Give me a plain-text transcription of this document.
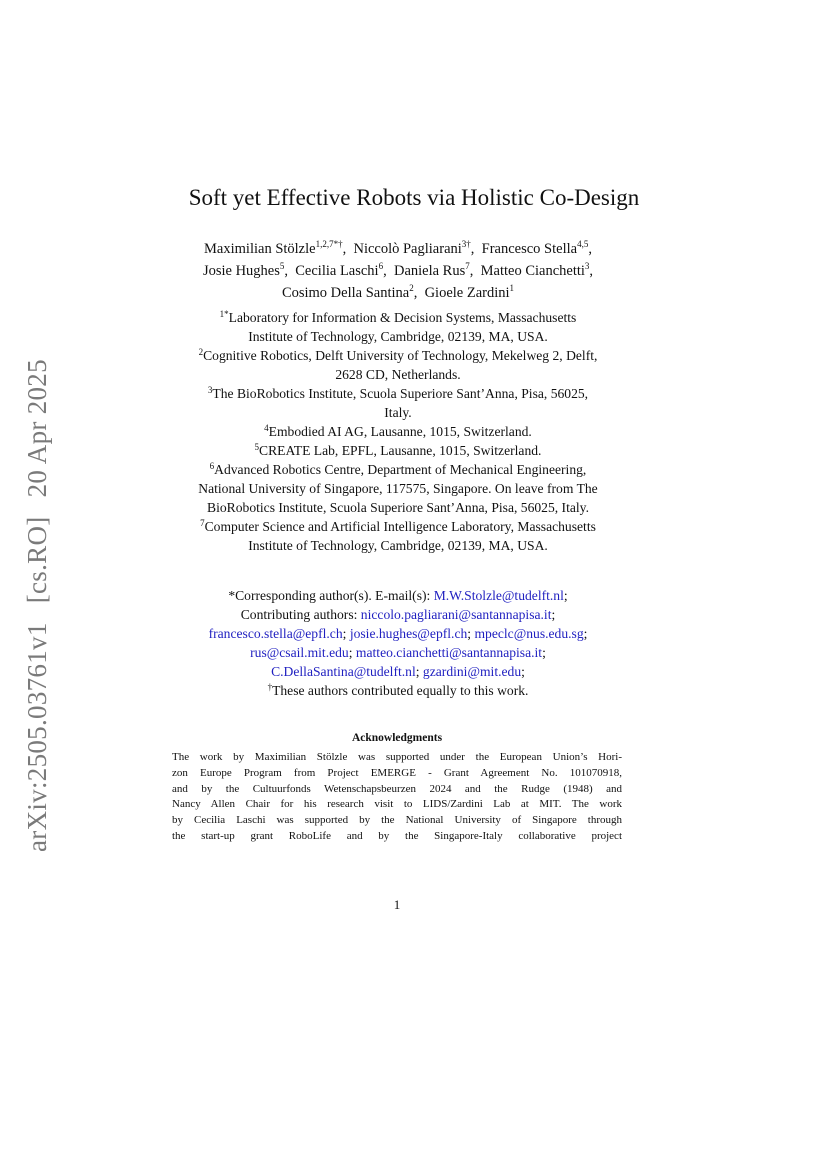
arXiv:2505.03761v1 [cs.RO] 20 Apr 2025
Soft yet Effective Robots via Holistic Co-Design
Maximilian Stölzle$^{1,2,7*\dagger}$,  Niccolò Pagliarani$^{3\dagger}$,  Francesco Stella$^{4,5}$,
Josie Hughes$^5$,  Cecilia Laschi$^6$,  Daniela Rus$^7$,  Matteo Cianchetti$^3$,
Cosimo Della Santina$^2$,  Gioele Zardini$^1$
$^{1*}$Laboratory for Information & Decision Systems, Massachusetts
Institute of Technology, Cambridge, 02139, MA, USA.
$^2$Cognitive Robotics, Delft University of Technology, Mekelweg 2, Delft,
2628 CD, Netherlands.
$^3$The BioRobotics Institute, Scuola Superiore Sant’Anna, Pisa, 56025,
Italy.
$^4$Embodied AI AG, Lausanne, 1015, Switzerland.
$^5$CREATE Lab, EPFL, Lausanne, 1015, Switzerland.
$^6$Advanced Robotics Centre, Department of Mechanical Engineering,
National University of Singapore, 117575, Singapore. On leave from The
BioRobotics Institute, Scuola Superiore Sant’Anna, Pisa, 56025, Italy.
$^7$Computer Science and Artificial Intelligence Laboratory, Massachusetts
Institute of Technology, Cambridge, 02139, MA, USA.
*Corresponding author(s). E-mail(s): M.W.Stolzle@tudelft.nl;
Contributing authors: niccolo.pagliarani@santannapisa.it;
francesco.stella@epfl.ch; josie.hughes@epfl.ch; mpeclc@nus.edu.sg;
rus@csail.mit.edu; matteo.cianchetti@santannapisa.it;
C.DellaSantina@tudelft.nl; gzardini@mit.edu;
†These authors contributed equally to this work.
Acknowledgments
The work by Maximilian Stölzle was supported under the European Union’s Hori-
zon Europe Program from Project EMERGE - Grant Agreement No. 101070918,
and by the Cultuurfonds Wetenschapsbeurzen 2024 and the Rudge (1948) and
Nancy Allen Chair for his research visit to LIDS/Zardini Lab at MIT. The work
by Cecilia Laschi was supported by the National University of Singapore through
the start-up grant RoboLife and by the Singapore-Italy collaborative project
1
